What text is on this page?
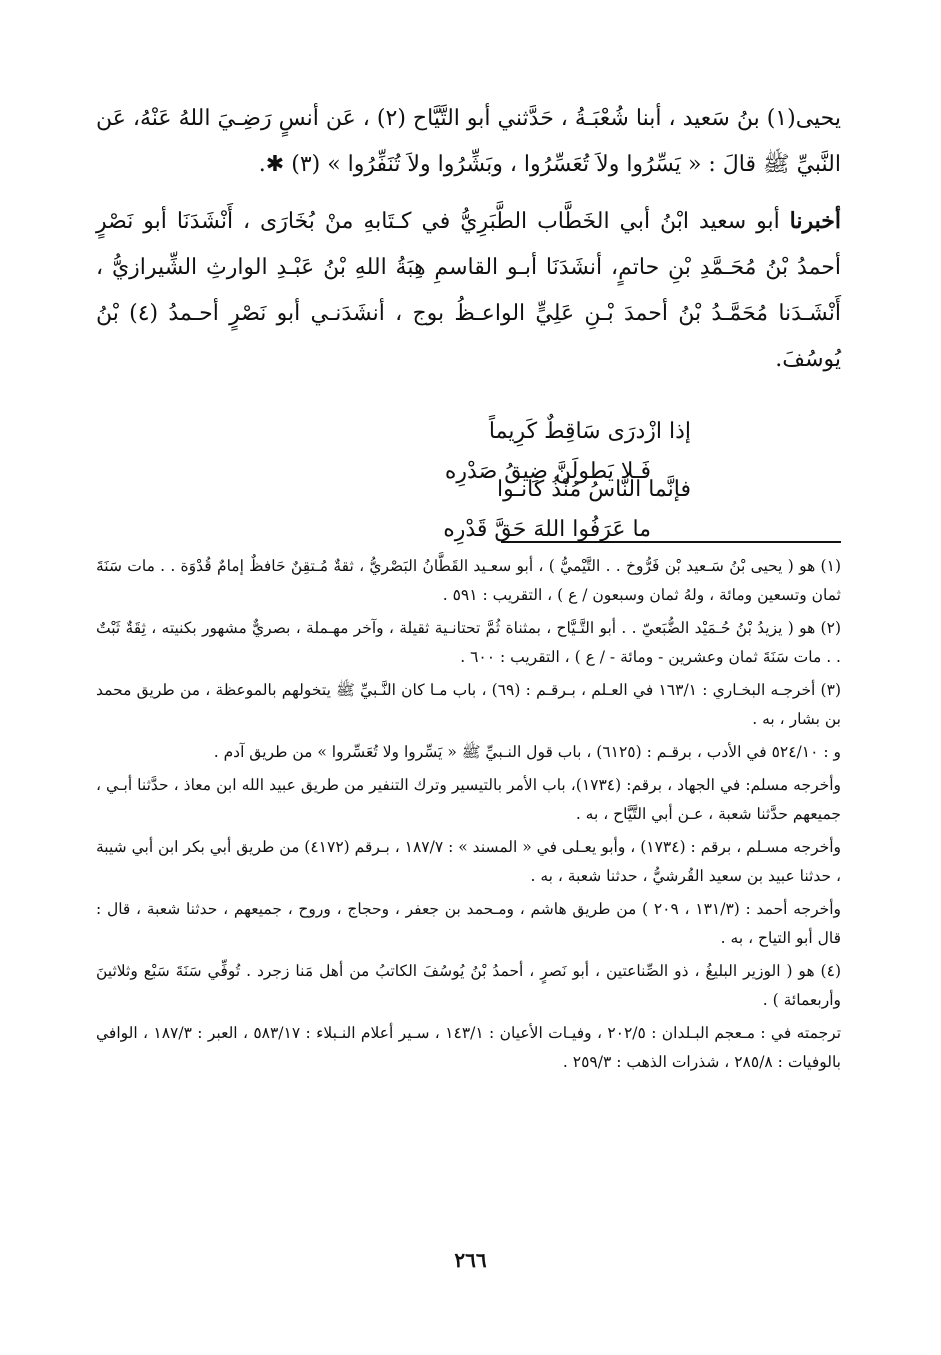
يحيى(١) بنُ سَعيد ، أبنا شُعْبَـةُ ، حَدَّثني أبو التَّيَّاح (٢) ، عَن أنسٍ رَضِـيَ اللهُ عَنْهُ، عَن النَّبيِّ ﷺ قالَ : « يَسِّرُوا ولاَ تُعَسِّرُوا ، وبَشِّرُوا ولاَ تُنَفِّرُوا » (٣) ✱.

أخبرنا أبو سعيد ابْنُ أبي الخَطَّاب الطَّبَرِيُّ في كـتَابهِ منْ بُخَارَى ، أَنْشَدَنَا أبو نَصْرٍ أحمدُ بْنُ مُحَـمَّدِ بْنِ حاتمٍ، أنشَدَنَا أبـو القاسمِ هِبَةُ اللهِ بْنُ عَبْـدِ الوارثِ الشِّيرازيُّ ، أَنْشَـدَنا مُحَمَّـدُ بْنُ أحمدَ بْـنِ عَلِيٍّ الواعـظُ بوج ، أنشَدَنـي أبو نَصْرٍ أحـمدُ (٤) بْنُ يُوسُفَ.

إذا ازْدرَى سَاقِطٌ كَرِيماًفَـلا يَطولَنَّ ضِيقُ صَدْرِه
فإنَّما النَّاسُ مُنْذُ كانـواما عَرَفُوا اللهَ حَقَّ قَدْرِه

(١) هو ( يحيى بْنُ سَـعيد بْن فَرُّوخ . . التَّيْميُّ ) ، أبو سعـيد القَطَّانُ البَصْريُّ ، ثقةٌ مُـتقِنٌ حَافظٌ إمامٌ قُدْوَة . . مات سَنَةَ ثمان وتسعين ومائة ، ولهُ ثمان وسبعون / ع ) ، التقريب : ٥٩١ .

(٢) هو ( يزيدُ بْنُ حُـمَيْد الضُّبَعيّ . . أبو التَّـيَّاح ، بمثناة ثُمَّ تحتانـية ثقيلة ، وآخر مهـملة ، بصريٌّ مشهور بكنيته ، ثِقَةٌ ثَبْتٌ . . مات سَنَةَ ثمان وعشرين - ومائة - / ع ) ، التقريب : ٦٠٠ .

(٣) أخرجـه البخـاري : ١٦٣/١ في العـلم ، بـرقـم : (٦٩) ، باب مـا كان النَّـبيِّ ﷺ يتخولهم بالموعظة ، من طريق محمد بن بشار ، به .

و : ٥٢٤/١٠ في الأدب ، برقـم : (٦١٢٥) ، باب قول النـبيِّ ﷺ « يَسِّروا ولا تُعَسِّروا » من طريق آدم .

وأخرجه مسلم: في الجهاد ، برقم: (١٧٣٤)، باب الأمر بالتيسير وترك التنفير من طريق عبيد الله ابن معاذ ، حدَّثنا أبـي ، جميعهم حدَّثنا شعبة ، عـن أبي التَّيَّاح ، به .

وأخرجه مسـلم ، برقم : (١٧٣٤) ، وأبو يعـلى في « المسند » : ١٨٧/٧ ، بـرقم (٤١٧٢) من طريق أبي بكر ابن أبي شيبة ، حدثنا عبيد بن سعيد القُرشيُّ ، حدثنا شعبة ، به .

وأخرجه أحمد : (١٣١/٣ ، ٢٠٩ ) من طريق هاشم ، ومـحمد بن جعفر ، وحجاج ، وروح ، جميعهم ، حدثنا شعبة ، قال : قال أبو التياح ، به .

(٤) هو ( الوزير البليغُ ، ذو الصِّناعتين ، أبو نَصرٍ ، أحمدُ بْنُ يُوسُفَ الكاتبُ من أهل مَنا زجرد . تُوفِّي سَنَةَ سَبْع وثلاثينَ وأربعمائة ) .

ترجمته في : مـعجم البـلدان : ٢٠٢/٥ ، وفيـات الأعيان : ١٤٣/١ ، سـير أعلام النـبلاء : ٥٨٣/١٧ ، العبر : ١٨٧/٣ ، الوافي بالوفيات : ٢٨٥/٨ ، شذرات الذهب : ٢٥٩/٣ .

٢٦٦
